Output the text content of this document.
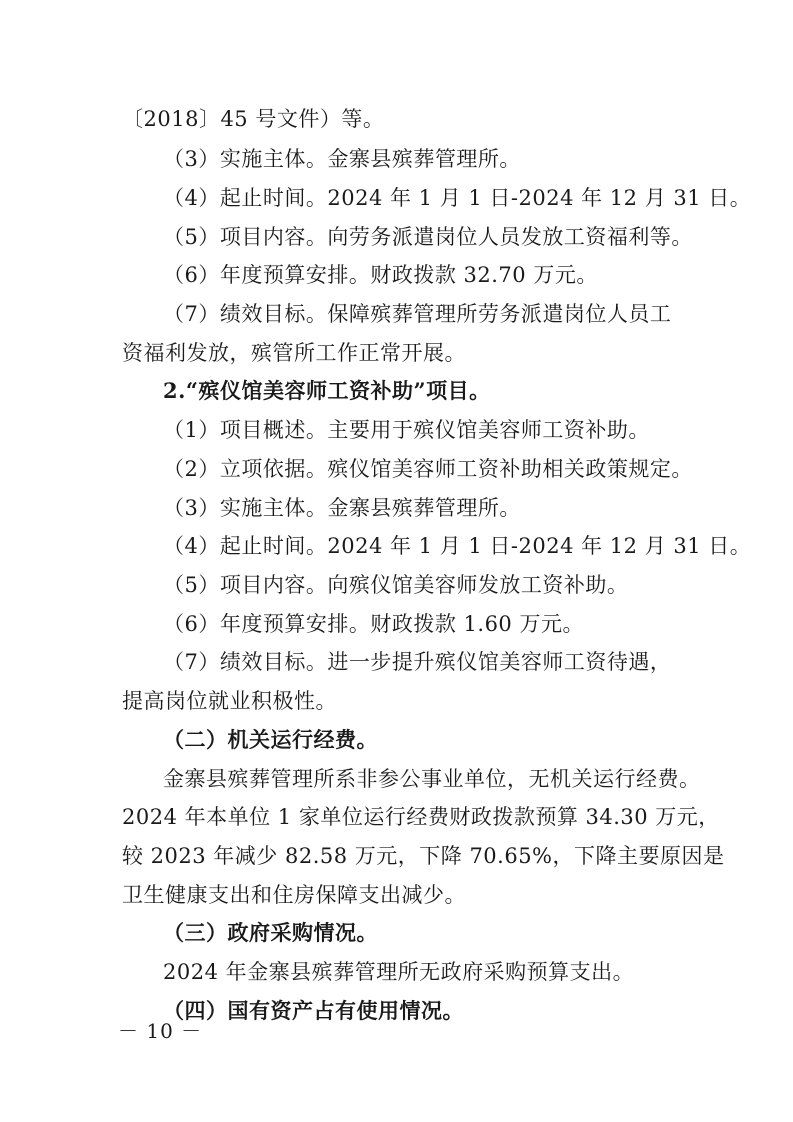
〔2018〕45 号文件）等。
（3）实施主体。金寨县殡葬管理所。
（4）起止时间。2024 年 1 月 1 日-2024 年 12 月 31 日。
（5）项目内容。向劳务派遣岗位人员发放工资福利等。
（6）年度预算安排。财政拨款 32.70 万元。
（7）绩效目标。保障殡葬管理所劳务派遣岗位人员工
资福利发放，殡管所工作正常开展。
2.“殡仪馆美容师工资补助”项目。
（1）项目概述。主要用于殡仪馆美容师工资补助。
（2）立项依据。殡仪馆美容师工资补助相关政策规定。
（3）实施主体。金寨县殡葬管理所。
（4）起止时间。2024 年 1 月 1 日-2024 年 12 月 31 日。
（5）项目内容。向殡仪馆美容师发放工资补助。
（6）年度预算安排。财政拨款 1.60 万元。
（7）绩效目标。进一步提升殡仪馆美容师工资待遇，
提高岗位就业积极性。
（二）机关运行经费。
金寨县殡葬管理所系非参公事业单位，无机关运行经费。
2024 年本单位 1 家单位运行经费财政拨款预算 34.30 万元，
较 2023 年减少 82.58 万元，下降 70.65%，下降主要原因是
卫生健康支出和住房保障支出减少。
（三）政府采购情况。
2024 年金寨县殡葬管理所无政府采购预算支出。
（四）国有资产占有使用情况。
－ 10 －
